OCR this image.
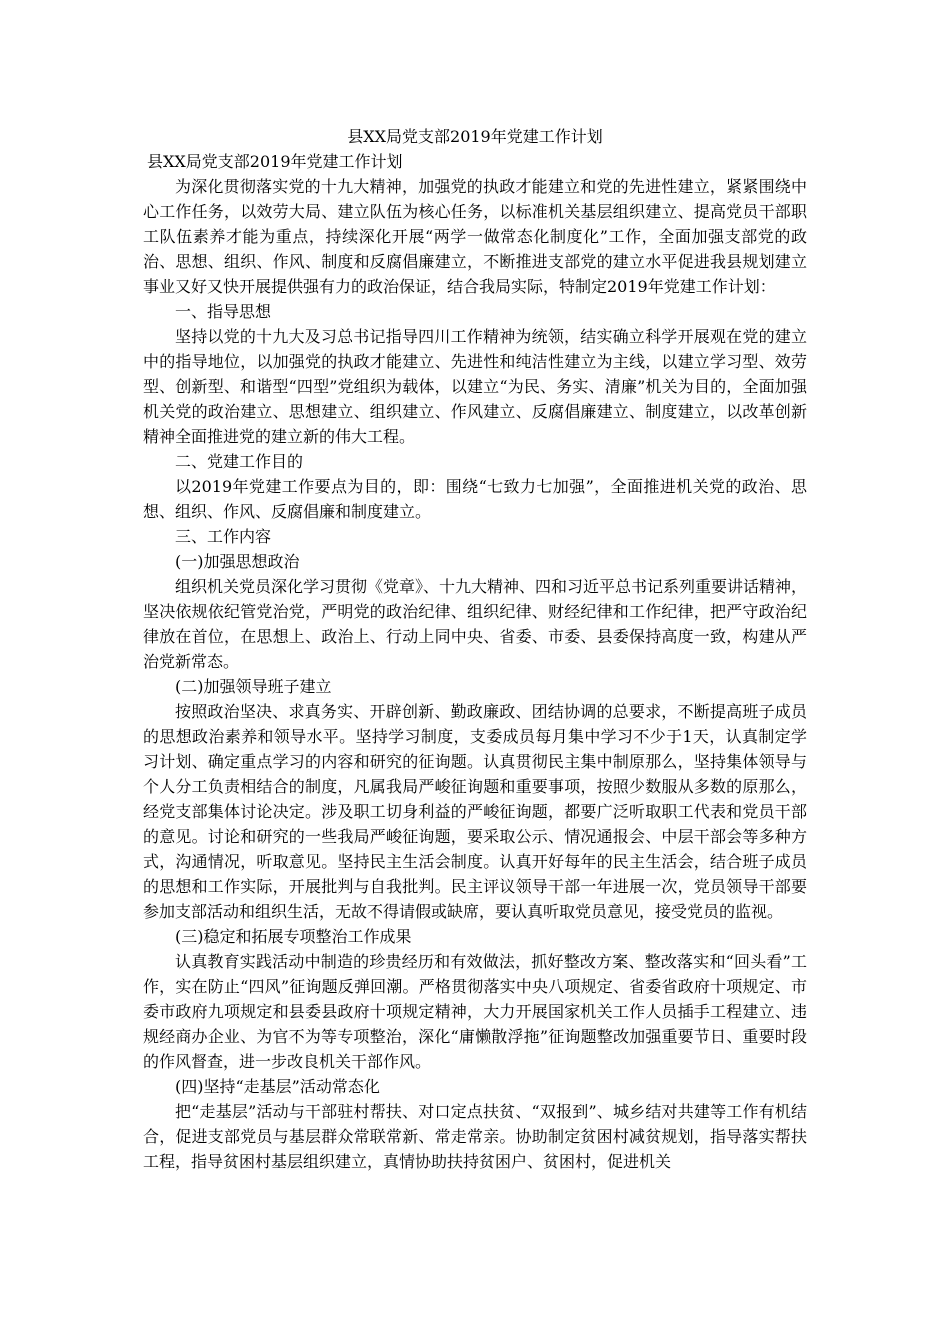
县XX局党支部2019年党建工作计划

县XX局党支部2019年党建工作计划

为深化贯彻落实党的十九大精神，加强党的执政才能建立和党的先进性建立，紧紧围绕中心工作任务，以效劳大局、建立队伍为核心任务，以标准机关基层组织建立、提高党员干部职工队伍素养才能为重点，持续深化开展“两学一做常态化制度化”工作，全面加强支部党的政治、思想、组织、作风、制度和反腐倡廉建立，不断推进支部党的建立水平促进我县规划建立事业又好又快开展提供强有力的政治保证，结合我局实际，特制定2019年党建工作计划：

一、指导思想

坚持以党的十九大及习总书记指导四川工作精神为统领，结实确立科学开展观在党的建立中的指导地位，以加强党的执政才能建立、先进性和纯洁性建立为主线，以建立学习型、效劳型、创新型、和谐型“四型”党组织为载体，以建立“为民、务实、清廉”机关为目的，全面加强机关党的政治建立、思想建立、组织建立、作风建立、反腐倡廉建立、制度建立，以改革创新精神全面推进党的建立新的伟大工程。

二、党建工作目的

以2019年党建工作要点为目的，即：围绕“七致力七加强”，全面推进机关党的政治、思想、组织、作风、反腐倡廉和制度建立。

三、工作内容

(一)加强思想政治

组织机关党员深化学习贯彻《党章》、十九大精神、四和习近平总书记系列重要讲话精神，坚决依规依纪管党治党，严明党的政治纪律、组织纪律、财经纪律和工作纪律，把严守政治纪律放在首位，在思想上、政治上、行动上同中央、省委、市委、县委保持高度一致，构建从严治党新常态。

(二)加强领导班子建立

按照政治坚决、求真务实、开辟创新、勤政廉政、团结协调的总要求，不断提高班子成员的思想政治素养和领导水平。坚持学习制度，支委成员每月集中学习不少于1天，认真制定学习计划、确定重点学习的内容和研究的征询题。认真贯彻民主集中制原那么，坚持集体领导与个人分工负责相结合的制度，凡属我局严峻征询题和重要事项，按照少数服从多数的原那么，经党支部集体讨论决定。涉及职工切身利益的严峻征询题，都要广泛听取职工代表和党员干部的意见。讨论和研究的一些我局严峻征询题，要采取公示、情况通报会、中层干部会等多种方式，沟通情况，听取意见。坚持民主生活会制度。认真开好每年的民主生活会，结合班子成员的思想和工作实际，开展批判与自我批判。民主评议领导干部一年进展一次，党员领导干部要参加支部活动和组织生活，无故不得请假或缺席，要认真听取党员意见，接受党员的监视。

(三)稳定和拓展专项整治工作成果

认真教育实践活动中制造的珍贵经历和有效做法，抓好整改方案、整改落实和“回头看”工作，实在防止“四风”征询题反弹回潮。严格贯彻落实中央八项规定、省委省政府十项规定、市委市政府九项规定和县委县政府十项规定精神，大力开展国家机关工作人员插手工程建立、违规经商办企业、为官不为等专项整治，深化“庸懒散浮拖”征询题整改加强重要节日、重要时段的作风督查，进一步改良机关干部作风。

(四)坚持“走基层”活动常态化

把“走基层”活动与干部驻村帮扶、对口定点扶贫、“双报到”、城乡结对共建等工作有机结合，促进支部党员与基层群众常联常新、常走常亲。协助制定贫困村减贫规划，指导落实帮扶工程，指导贫困村基层组织建立，真情协助扶持贫困户、贫困村，促进机关
